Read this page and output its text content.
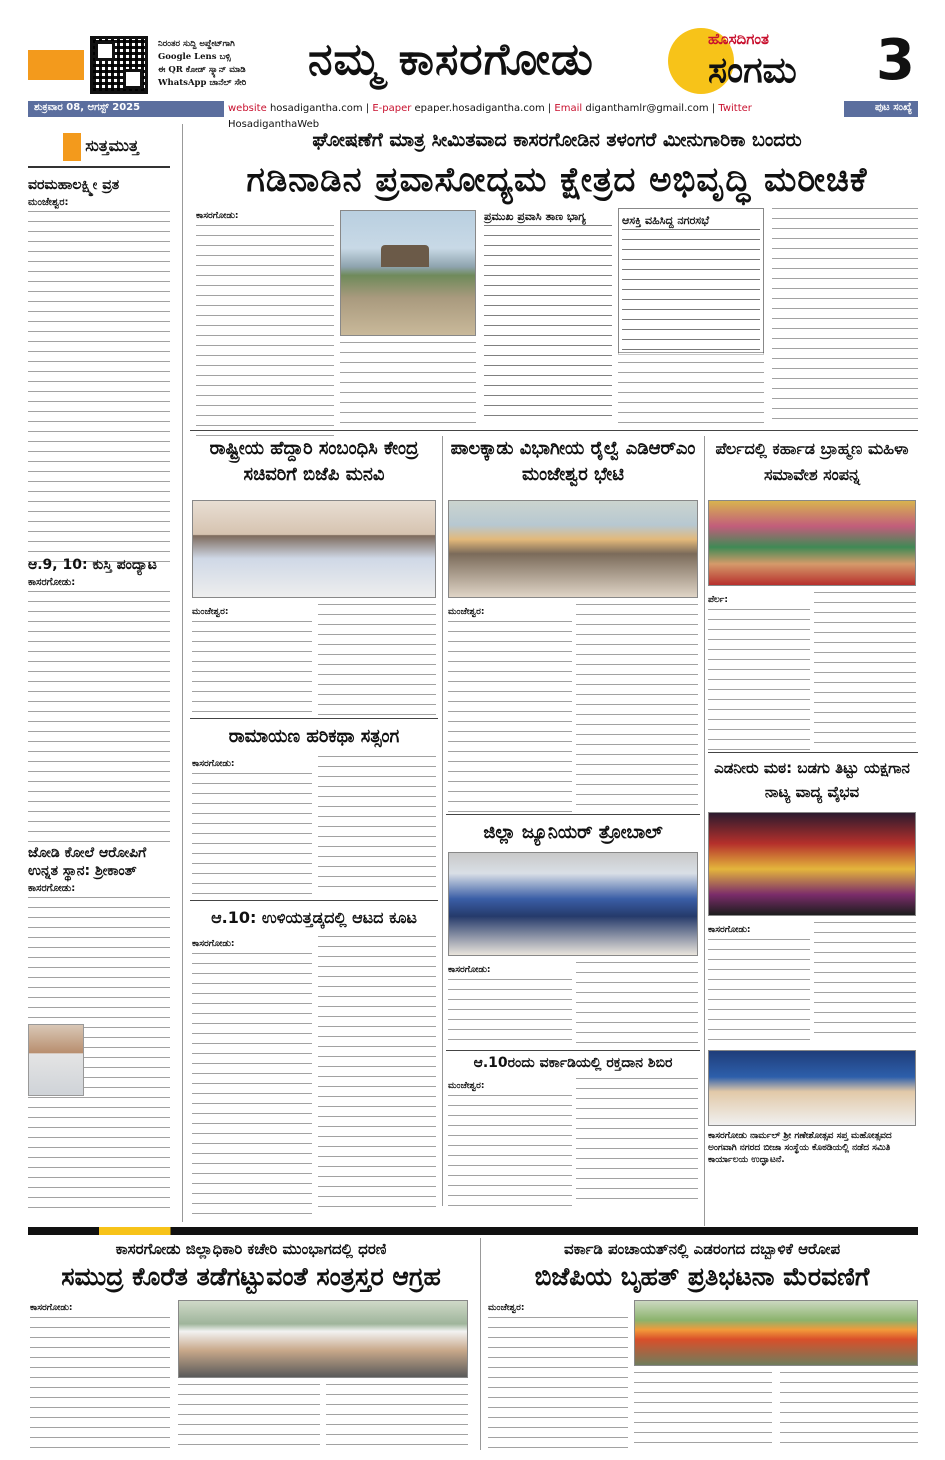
ನಿರಂತರ ಸುದ್ದಿ ಅಪ್ಡೇಟ್‌ಗಾಗಿ
Google Lens ಬಳ್ಸಿ
ಈ QR ಕೋಡ್ ಸ್ಕ್ಯಾನ್ ಮಾಡಿ
WhatsApp ಚಾನೆಲ್ ಸೇರಿ	ನಮ್ಮ ಕಾಸರಗೋಡು	ಹೊಸದಿಗಂತ
ಸಂಗಮ 3
ಶುಕ್ರವಾರ 08, ಆಗಸ್ಟ್ 2025	website hosadigantha.com | E-paper epaper.hosadigantha.com | Email diganthamlr@gmail.com | Twitter HosadiganthaWeb
ಪುಟ ಸಂಖ್ಯೆ
ಸುತ್ತಮುತ್ತ
ವರಮಹಾಲಕ್ಷ್ಮೀ ವ್ರತ
ಮಂಜೇಶ್ವರ:
ಆ.9, 10: ಕುಸ್ತಿ ಪಂದ್ಯಾಟ
ಕಾಸರಗೋಡು:
ಜೋಡಿ ಕೋಲೆ ಆರೋಪಿಗೆ ಉನ್ನತ ಸ್ಥಾನ: ಶ್ರೀಕಾಂತ್
ಕಾಸರಗೋಡು:
ಘೋಷಣೆಗೆ ಮಾತ್ರ ಸೀಮಿತವಾದ ಕಾಸರಗೋಡಿನ ತಳಂಗರೆ ಮೀನುಗಾರಿಕಾ ಬಂದರು
ಗಡಿನಾಡಿನ ಪ್ರವಾಸೋದ್ಯಮ ಕ್ಷೇತ್ರದ ಅಭಿವೃದ್ಧಿ ಮರೀಚಿಕೆ
ಕಾಸರಗೋಡು:	ಪ್ರಮುಖ ಪ್ರವಾಸಿ ತಾಣ ಭಾಗ್ಯ	ಆಸಕ್ತಿ ವಹಿಸಿದ್ದ ನಗರಸಭೆ
ರಾಷ್ಟ್ರೀಯ ಹೆದ್ದಾರಿ ಸಂಬಂಧಿಸಿ ಕೇಂದ್ರ ಸಚಿವರಿಗೆ ಬಿಜೆಪಿ ಮನವಿ
ಮಂಜೇಶ್ವರ:
ಪಾಲಕ್ಕಾಡು ವಿಭಾಗೀಯ ರೈಲ್ವೆ ಎಡಿಆರ್‌ಎಂ ಮಂಜೇಶ್ವರ ಭೇಟಿ
ಮಂಜೇಶ್ವರ:
ಪೆರ್ಲದಲ್ಲಿ ಕರ್ಹಾಡ ಬ್ರಾಹ್ಮಣ ಮಹಿಳಾ ಸಮಾವೇಶ ಸಂಪನ್ನ
ಪೆರ್ಲ:
ರಾಮಾಯಣ ಹರಿಕಥಾ ಸತ್ಸಂಗ
ಕಾಸರಗೋಡು:	ಎಡನೀರು ಮಠ: ಬಡಗು ತಿಟ್ಟು ಯಕ್ಷಗಾನ ನಾಟ್ಯ ವಾದ್ಯ ವೈಭವ
ಕಾಸರಗೋಡು:
ಜಿಲ್ಲಾ ಜ್ಯೂನಿಯರ್ ತ್ರೋಬಾಲ್
ಕಾಸರಗೋಡು:
ಆ.10: ಉಳಿಯತ್ತಡ್ಕದಲ್ಲಿ ಆಟದ ಕೂಟ
ಕಾಸರಗೋಡು:
ಆ.10ರಂದು ವರ್ಕಾಡಿಯಲ್ಲಿ ರಕ್ತದಾನ ಶಿಬಿರ
ಮಂಜೇಶ್ವರ:
ಕಾಸರಗೋಡು ನಾರ್ಮಲ್ ಶ್ರೀ ಗಣೇಶೋತ್ಸವ ಸಪ್ತ ಮಹೋತ್ಸವದ ಅಂಗವಾಗಿ ನಗರದ ಬೀಜಾ ಸಂಸ್ಥೆಯ ಕೊಠಡಿಯಲ್ಲಿ ನಡೆದ ಸಮಿತಿ ಕಾರ್ಯಾಲಯ ಉದ್ಘಾಟನೆ.
ಕಾಸರಗೋಡು ಜಿಲ್ಲಾಧಿಕಾರಿ ಕಚೇರಿ ಮುಂಭಾಗದಲ್ಲಿ ಧರಣಿ
ಸಮುದ್ರ ಕೊರೆತ ತಡೆಗಟ್ಟುವಂತೆ ಸಂತ್ರಸ್ತರ ಆಗ್ರಹ
ಕಾಸರಗೋಡು:
ವರ್ಕಾಡಿ ಪಂಚಾಯತ್‌ನಲ್ಲಿ ಎಡರಂಗದ ದಬ್ಬಾಳಿಕೆ ಆರೋಪ
ಬಿಜೆಪಿಯ ಬೃಹತ್ ಪ್ರತಿಭಟನಾ ಮೆರವಣಿಗೆ
ಮಂಜೇಶ್ವರ:
